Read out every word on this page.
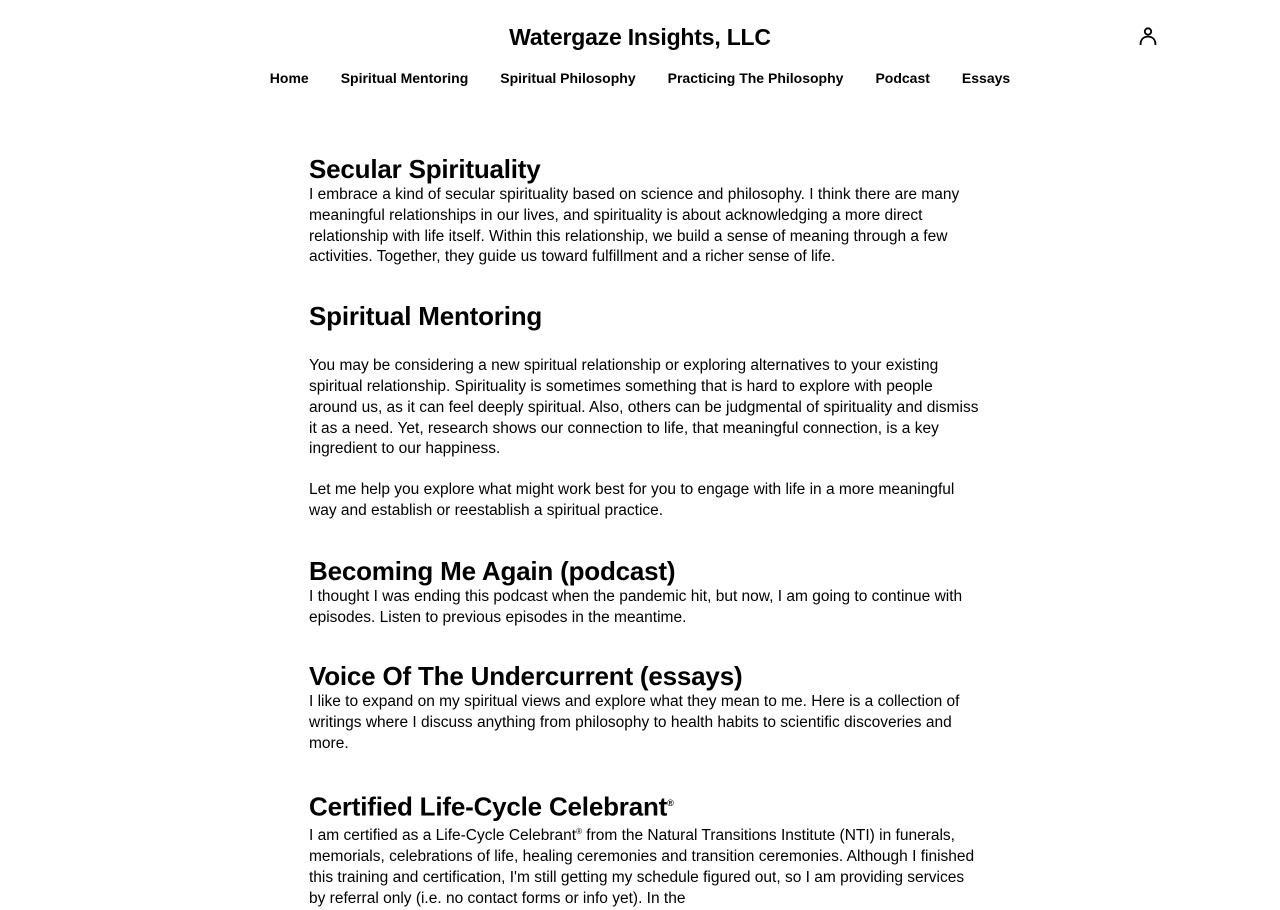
Watergaze Insights, LLC
Home Spiritual Mentoring Spiritual Philosophy Practicing The Philosophy Podcast Essays
Secular Spirituality

I embrace a kind of secular spirituality based on science and philosophy. I think there are many meaningful relationships in our lives, and spirituality is about acknowledging a more direct relationship with life itself. Within this relationship, we build a sense of meaning through a few activities. Together, they guide us toward fulfillment and a richer sense of life.

Spiritual Mentoring

You may be considering a new spiritual relationship or exploring alternatives to your existing spiritual relationship. Spirituality is sometimes something that is hard to explore with people around us, as it can feel deeply spiritual. Also, others can be judgmental of spirituality and dismiss it as a need. Yet, research shows our connection to life, that meaningful connection, is a key ingredient to our happiness.

Let me help you explore what might work best for you to engage with life in a more meaningful way and establish or reestablish a spiritual practice.

Becoming Me Again (podcast)

I thought I was ending this podcast when the pandemic hit, but now, I am going to continue with episodes. Listen to previous episodes in the meantime.

Voice Of The Undercurrent (essays)

I like to expand on my spiritual views and explore what they mean to me. Here is a collection of writings where I discuss anything from philosophy to health habits to scientific discoveries and more.

Certified Life-Cycle Celebrant®

I am certified as a Life-Cycle Celebrant® from the Natural Transitions Institute (NTI) in funerals, memorials, celebrations of life, healing ceremonies and transition ceremonies. Although I finished this training and certification, I'm still getting my schedule figured out, so I am providing services by referral only (i.e. no contact forms or info yet). In the
